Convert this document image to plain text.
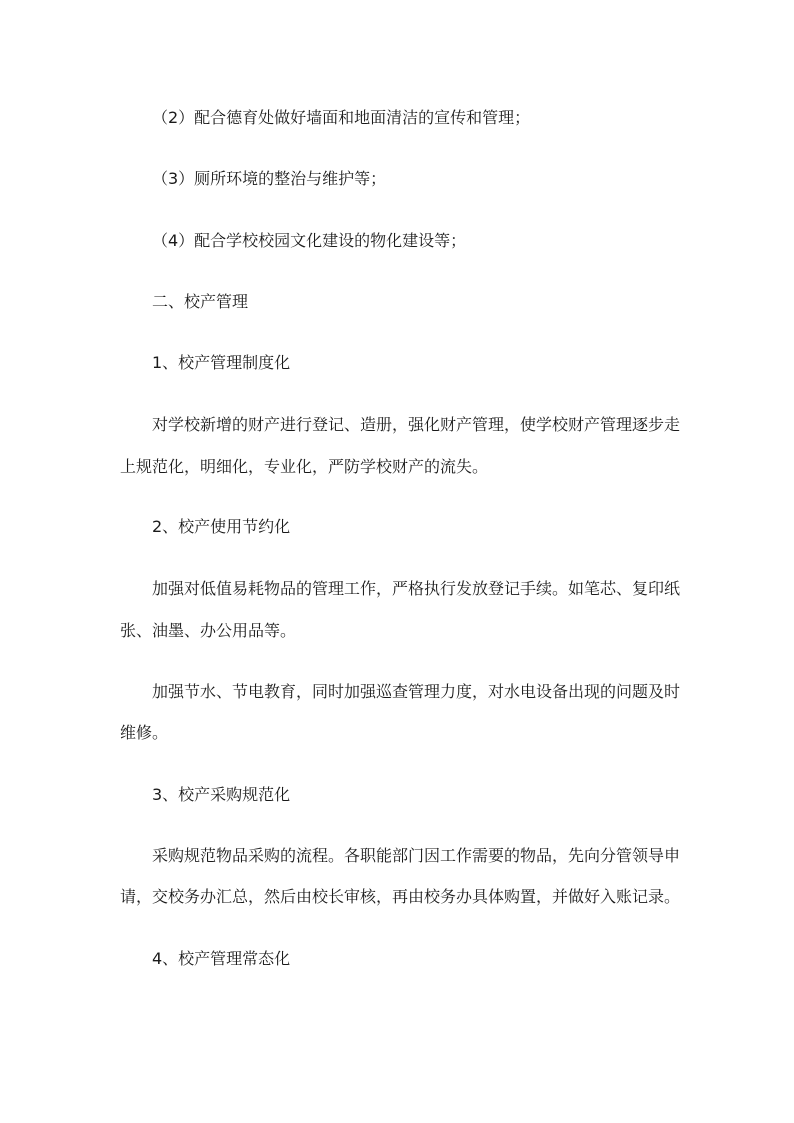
（2）配合德育处做好墙面和地面清洁的宣传和管理；
（3）厕所环境的整治与维护等；
（4）配合学校校园文化建设的物化建设等；
二、校产管理
1、校产管理制度化
对学校新增的财产进行登记、造册，强化财产管理，使学校财产管理逐步走
上规范化，明细化，专业化，严防学校财产的流失。
2、校产使用节约化
加强对低值易耗物品的管理工作，严格执行发放登记手续。如笔芯、复印纸
张、油墨、办公用品等。
加强节水、节电教育，同时加强巡查管理力度，对水电设备出现的问题及时
维修。
3、校产采购规范化
采购规范物品采购的流程。各职能部门因工作需要的物品，先向分管领导申
请，交校务办汇总，然后由校长审核，再由校务办具体购置，并做好入账记录。
4、校产管理常态化
